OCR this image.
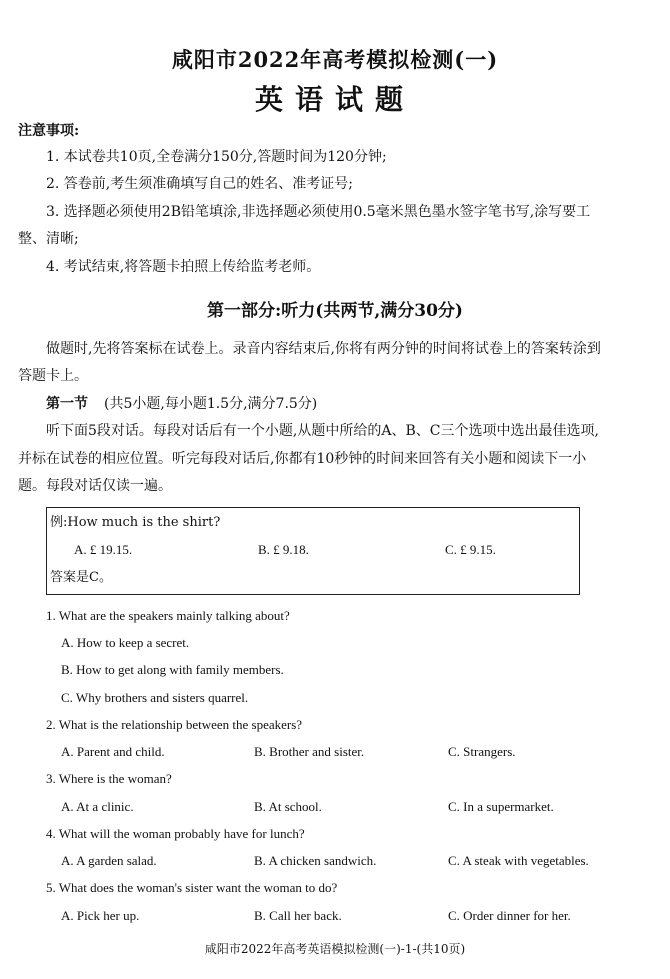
咸阳市2022年高考模拟检测(一)
英语试题
注意事项:
1. 本试卷共10页,全卷满分150分,答题时间为120分钟;
2. 答卷前,考生须准确填写自己的姓名、准考证号;
3. 选择题必须使用2B铅笔填涂,非选择题必须使用0.5毫米黑色墨水签字笔书写,涂写要工
整、清晰;
4. 考试结束,将答题卡拍照上传给监考老师。
第一部分:听力(共两节,满分30分)
做题时,先将答案标在试卷上。录音内容结束后,你将有两分钟的时间将试卷上的答案转涂到
答题卡上。
第一节 (共5小题,每小题1.5分,满分7.5分)
听下面5段对话。每段对话后有一个小题,从题中所给的A、B、C三个选项中选出最佳选项,
并标在试卷的相应位置。听完每段对话后,你都有10秒钟的时间来回答有关小题和阅读下一小
题。每段对话仅读一遍。
例:How much is the shirt?
A. £ 19.15.	B. £ 9.18.	C. £ 9.15.
答案是C。
1. What are the speakers mainly talking about?
A. How to keep a secret.
B. How to get along with family members.
C. Why brothers and sisters quarrel.
2. What is the relationship between the speakers?
A. Parent and child.	B. Brother and sister.	C. Strangers.
3. Where is the woman?
A. At a clinic.	B. At school.	C. In a supermarket.
4. What will the woman probably have for lunch?
A. A garden salad.	B. A chicken sandwich.	C. A steak with vegetables.
5. What does the woman's sister want the woman to do?
A. Pick her up.	B. Call her back.	C. Order dinner for her.
咸阳市2022年高考英语模拟检测(一)-1-(共10页)
